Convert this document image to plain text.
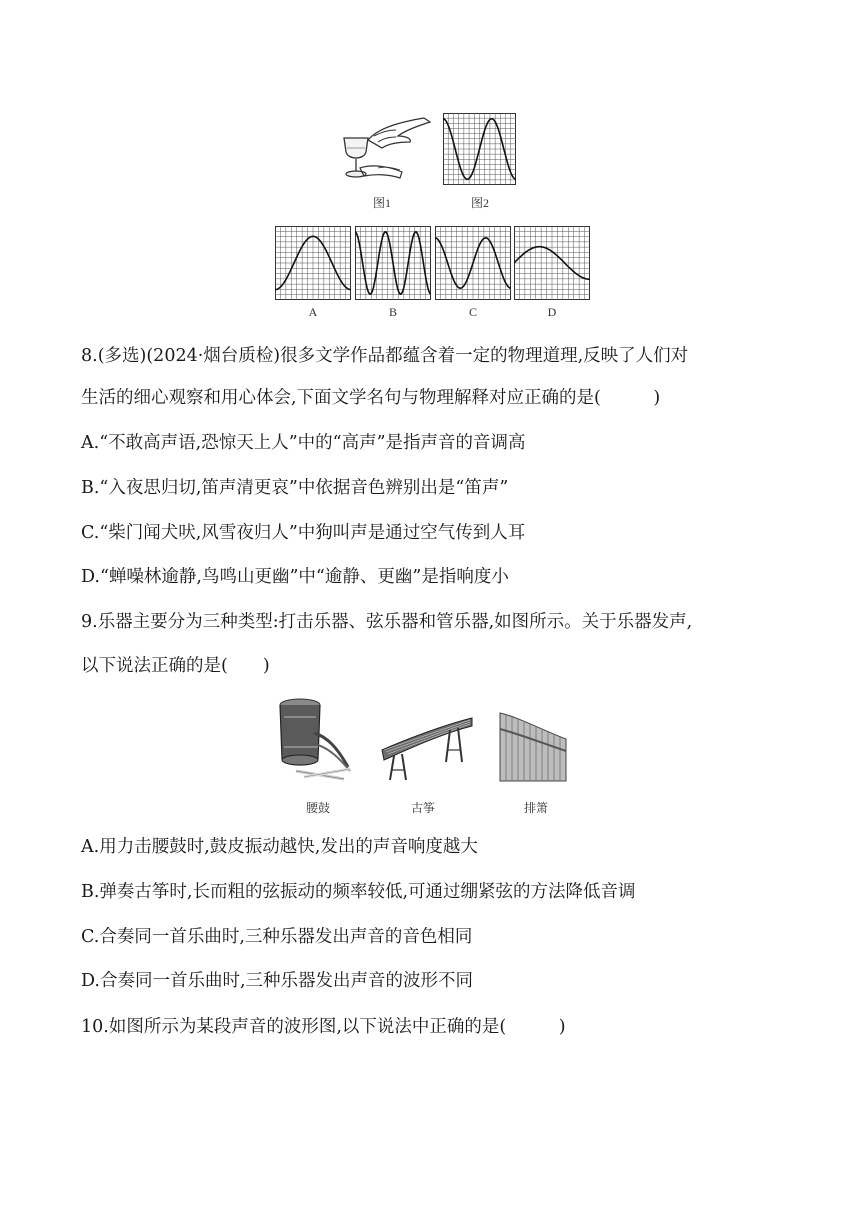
图1	图2
A	B	C	D
8.(多选)(2024·烟台质检)很多文学作品都蕴含着一定的物理道理,反映了人们对
生活的细心观察和用心体会,下面文学名句与物理解释对应正确的是(　　　)
A.“不敢高声语,恐惊天上人”中的“高声”是指声音的音调高
B.“入夜思归切,笛声清更哀”中依据音色辨别出是“笛声”
C.“柴门闻犬吠,风雪夜归人”中狗叫声是通过空气传到人耳
D.“蝉噪林逾静,鸟鸣山更幽”中“逾静、更幽”是指响度小
9.乐器主要分为三种类型:打击乐器、弦乐器和管乐器,如图所示。关于乐器发声,
以下说法正确的是(　　)
腰鼓	古筝	排箫
A.用力击腰鼓时,鼓皮振动越快,发出的声音响度越大
B.弹奏古筝时,长而粗的弦振动的频率较低,可通过绷紧弦的方法降低音调
C.合奏同一首乐曲时,三种乐器发出声音的音色相同
D.合奏同一首乐曲时,三种乐器发出声音的波形不同
10.如图所示为某段声音的波形图,以下说法中正确的是(　　　)
